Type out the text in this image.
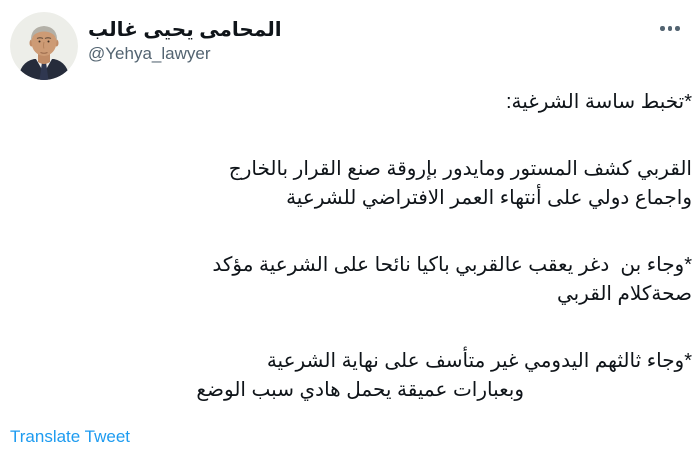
المحامى يحيى غالب
@Yehya_lawyer

*تخبط ساسة الشرغية:

القربي كشف المستور ومايدور بإروقة صنع القرار بالخارج
واجماع دولي على أنتهاء العمر الافتراضي للشرعية

*وجاء بن  دغر يعقب عالقربي باكيا نائحا على الشرعية مؤكد
صحةكلام القربي

*وجاء ثالثهم اليدومي غير متأسف على نهاية الشرعية
وبعبارات عميقة يحمل هادي سبب الوضع

Translate Tweet
